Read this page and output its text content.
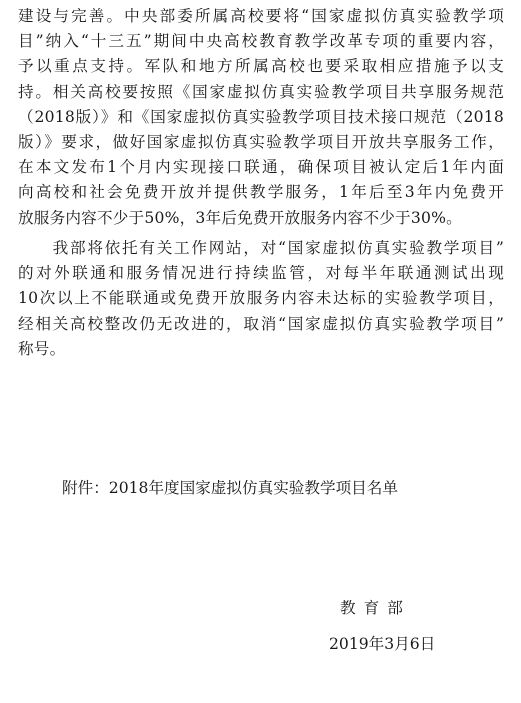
建设与完善。中央部委所属高校要将“国家虚拟仿真实验教学项
目”纳入“十三五”期间中央高校教育教学改革专项的重要内容，
予以重点支持。军队和地方所属高校也要采取相应措施予以支
持。相关高校要按照《国家虚拟仿真实验教学项目共享服务规范
（2018版）》和《国家虚拟仿真实验教学项目技术接口规范（2018
版）》要求，做好国家虚拟仿真实验教学项目开放共享服务工作，
在本文发布1个月内实现接口联通，确保项目被认定后1年内面
向高校和社会免费开放并提供教学服务，1年后至3年内免费开
放服务内容不少于50%，3年后免费开放服务内容不少于30%。
　　我部将依托有关工作网站，对“国家虚拟仿真实验教学项目”
的对外联通和服务情况进行持续监管，对每半年联通测试出现
10次以上不能联通或免费开放服务内容未达标的实验教学项目，
经相关高校整改仍无改进的，取消“国家虚拟仿真实验教学项目”
称号。
附件：2018年度国家虚拟仿真实验教学项目名单
教育部
2019年3月6日
